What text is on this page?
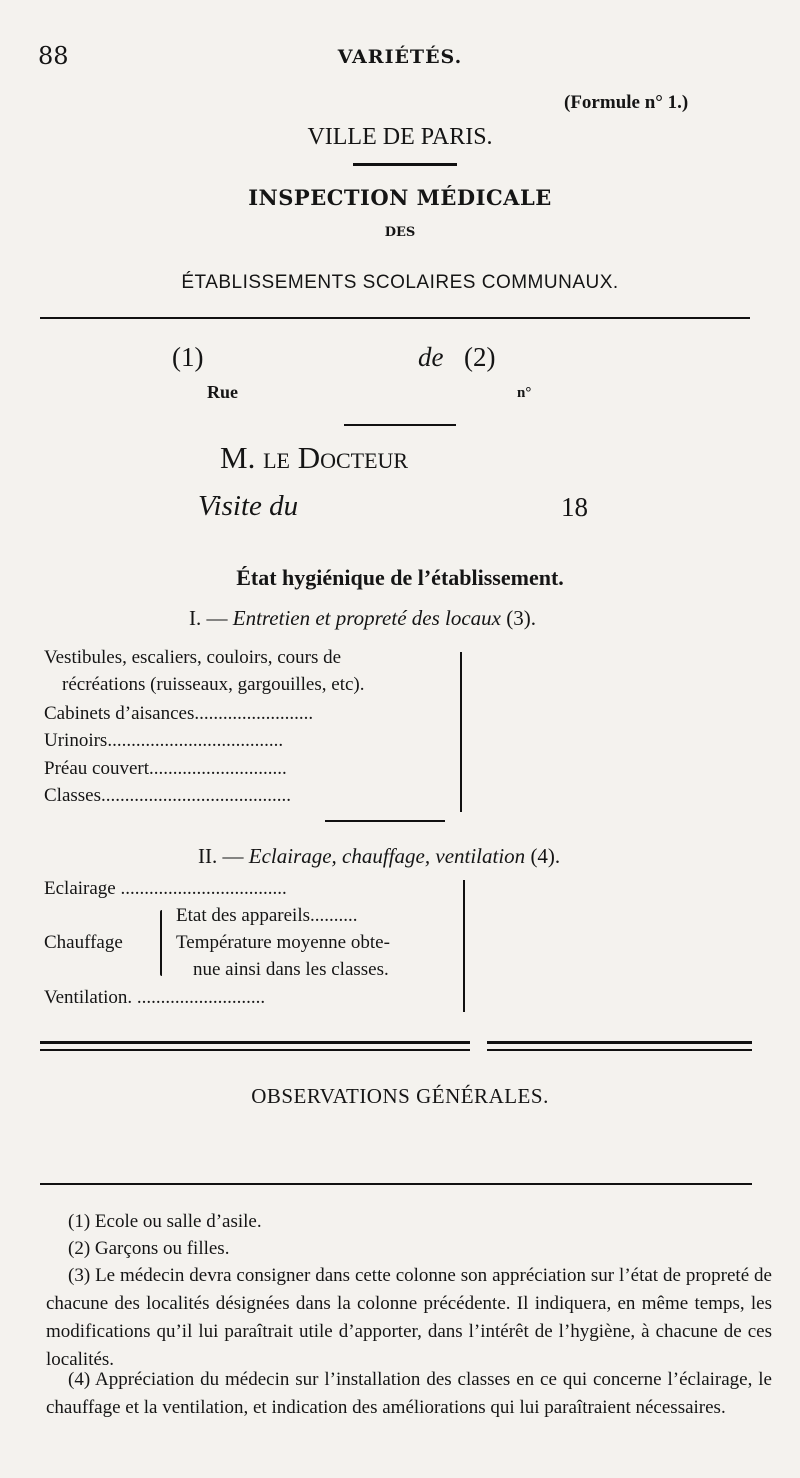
88	VARIÉTÉS.
(Formule n° 1.)
VILLE DE PARIS.
INSPECTION MÉDICALE
DES
ÉTABLISSEMENTS SCOLAIRES COMMUNAUX.
(1)	de (2)
Rue	n°
M. le Docteur
Visite du	18
État hygiénique de l’établissement.
I. — Entretien et propreté des locaux (3).
Vestibules, escaliers, couloirs, cours de
récréations (ruisseaux, gargouilles, etc).
Cabinets d’aisances.........................
Urinoirs.....................................
Préau couvert.............................
Classes........................................
II. — Eclairage, chauffage, ventilation (4).
Eclairage ...................................
Chauffage
Etat des appareils..........
Température moyenne obte-
nue ainsi dans les classes.
Ventilation. ...........................
OBSERVATIONS GÉNÉRALES.
(1) Ecole ou salle d’asile.
(2) Garçons ou filles.
(3) Le médecin devra consigner dans cette colonne son appréciation sur l’état de propreté de chacune des localités désignées dans la colonne précédente. Il indiquera, en même temps, les modifications qu’il lui paraîtrait utile d’apporter, dans l’intérêt de l’hygiène, à chacune de ces localités.
(4) Appréciation du médecin sur l’installation des classes en ce qui concerne l’éclairage, le chauffage et la ventilation, et indication des améliorations qui lui paraîtraient nécessaires.
